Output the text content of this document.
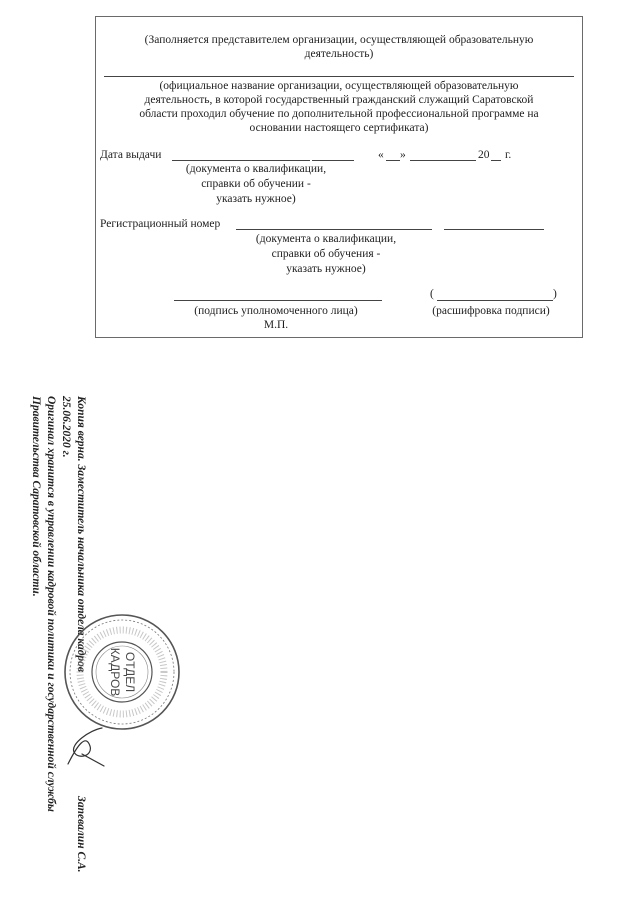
(Заполняется представителем организации, осуществляющей образовательную
деятельность)
(официальное название организации, осуществляющей образовательную
деятельность, в которой государственный гражданский служащий Саратовской
области проходил обучение по дополнительной профессиональной программе на
основании настоящего сертификата)
Дата выдачи	« »	20 г.
(документа о квалификации,
справки об обучении -
указать нужное)
Регистрационный номер
(документа о квалификации,
справки об обучения -
указать нужное)
(	)
(подпись уполномоченного лица)	(расшифровка подписи)
М.П.
Копия верна. Заместитель начальника отдела кадров
Запевалин С.А.
25.06.2020 г.
Оригинал хранится в управлении кадровой политики и государственной службы
Правительства Саратовской области.
ОТДЕЛ
КАДРОВ
